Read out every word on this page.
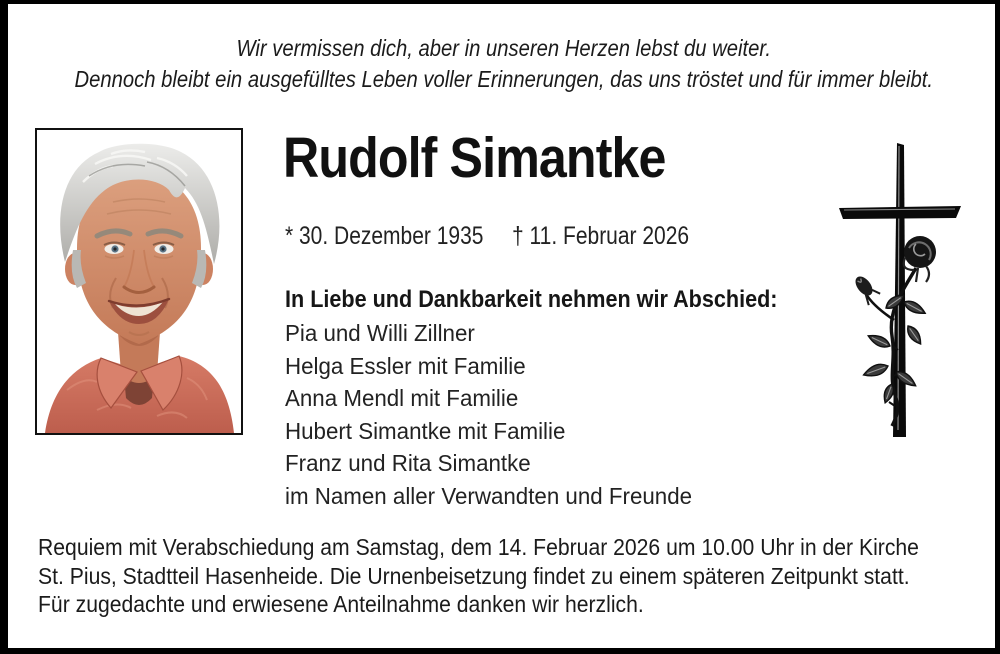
Wir vermissen dich, aber in unseren Herzen lebst du weiter.
Dennoch bleibt ein ausgefülltes Leben voller Erinnerungen, das uns tröstet und für immer bleibt.
Rudolf Simantke
* 30. Dezember 1935 † 11. Februar 2026
In Liebe und Dankbarkeit nehmen wir Abschied:
Pia und Willi Zillner
Helga Essler mit Familie
Anna Mendl mit Familie
Hubert Simantke mit Familie
Franz und Rita Simantke
im Namen aller Verwandten und Freunde
Requiem mit Verabschiedung am Samstag, dem 14. Februar 2026 um 10.00 Uhr in der Kirche
St. Pius, Stadtteil Hasenheide. Die Urnenbeisetzung findet zu einem späteren Zeitpunkt statt.
Für zugedachte und erwiesene Anteilnahme danken wir herzlich.
